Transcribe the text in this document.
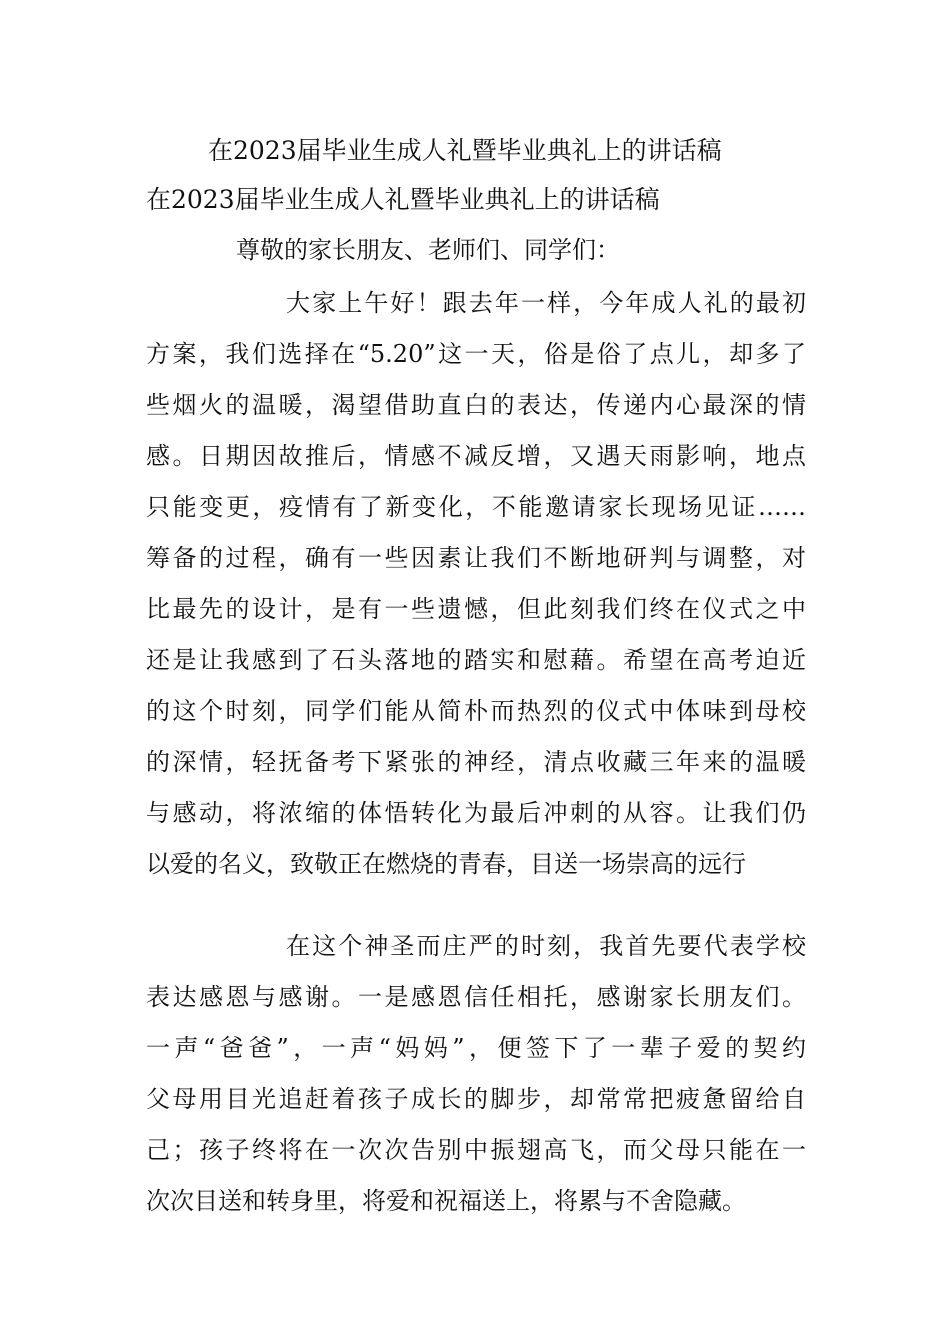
在2023届毕业生成人礼暨毕业典礼上的讲话稿
在2023届毕业生成人礼暨毕业典礼上的讲话稿
尊敬的家长朋友、老师们、同学们：
大家上午好！跟去年一样，今年成人礼的最初
方案，我们选择在“5.20”这一天，俗是俗了点儿，却多了
些烟火的温暖，渴望借助直白的表达，传递内心最深的情
感。日期因故推后，情感不减反增，又遇天雨影响，地点
只能变更，疫情有了新变化，不能邀请家长现场见证……
筹备的过程，确有一些因素让我们不断地研判与调整，对
比最先的设计，是有一些遗憾，但此刻我们终在仪式之中
还是让我感到了石头落地的踏实和慰藉。希望在高考迫近
的这个时刻，同学们能从简朴而热烈的仪式中体味到母校
的深情，轻抚备考下紧张的神经，清点收藏三年来的温暖
与感动，将浓缩的体悟转化为最后冲刺的从容。让我们仍
以爱的名义，致敬正在燃烧的青春，目送一场崇高的远行
在这个神圣而庄严的时刻，我首先要代表学校
表达感恩与感谢。一是感恩信任相托，感谢家长朋友们。
一声“爸爸”，一声“妈妈”，便签下了一辈子爱的契约
父母用目光追赶着孩子成长的脚步，却常常把疲惫留给自
己；孩子终将在一次次告别中振翅高飞，而父母只能在一
次次目送和转身里，将爱和祝福送上，将累与不舍隐藏。
